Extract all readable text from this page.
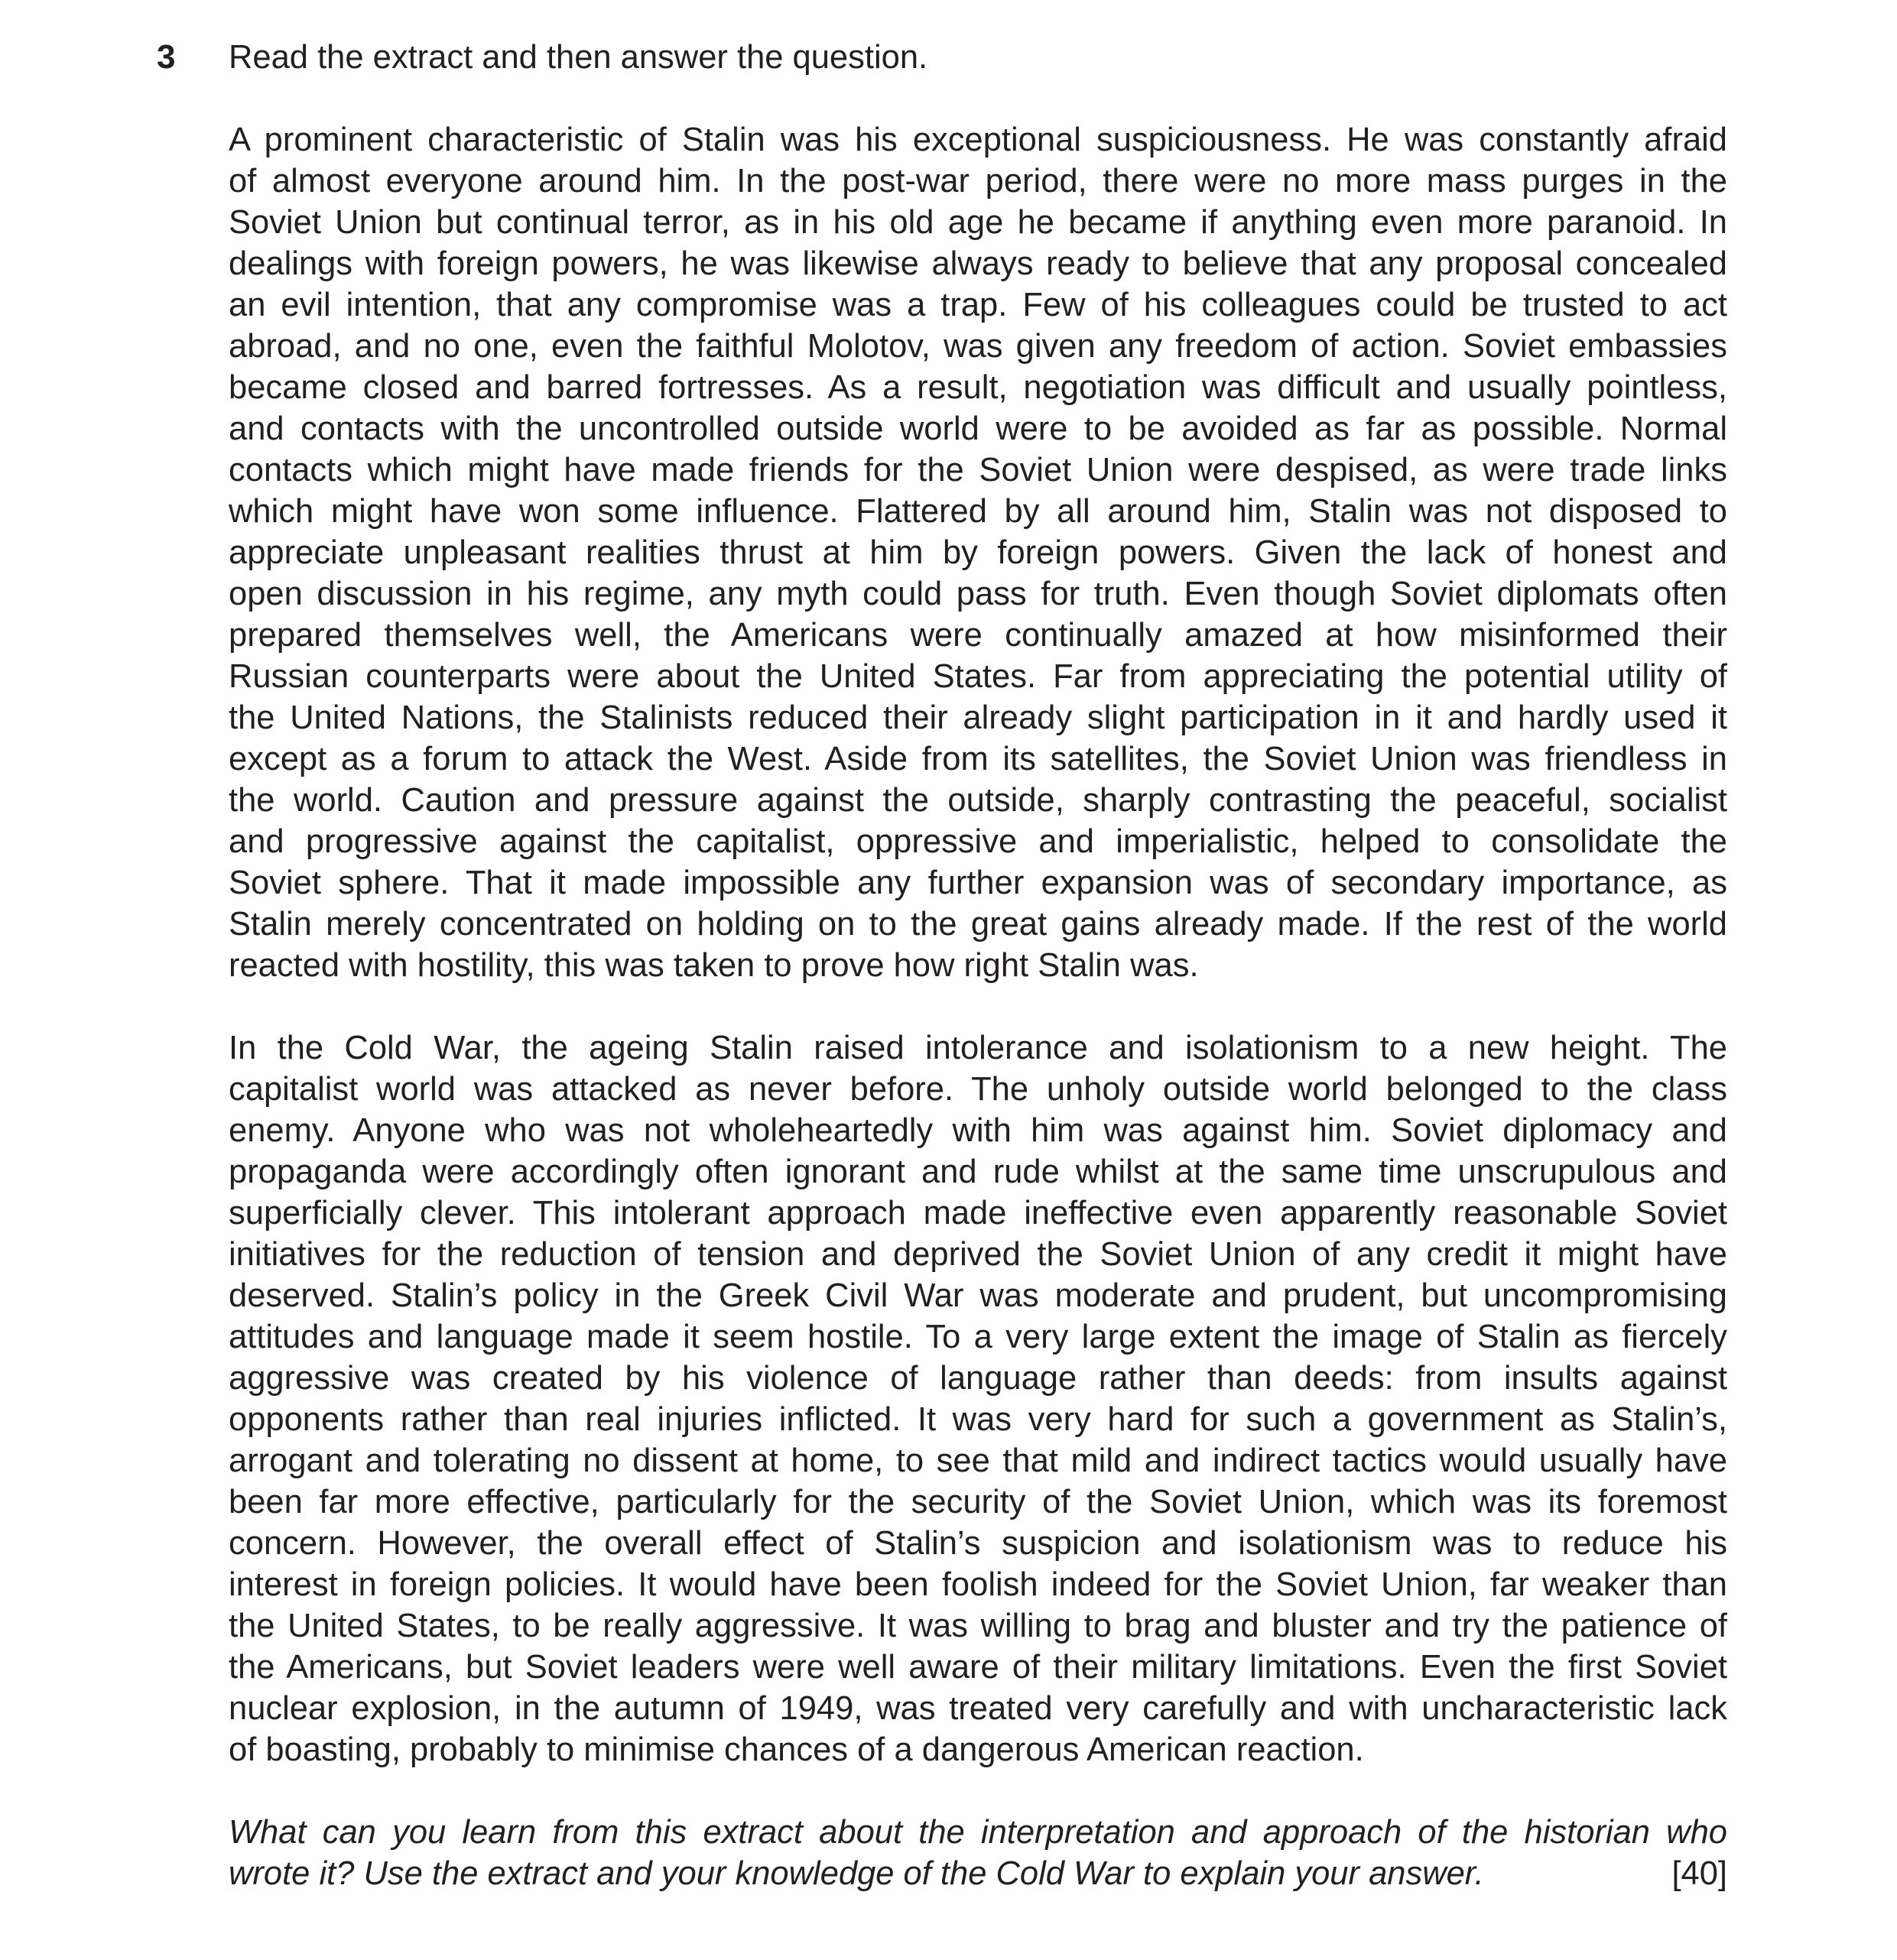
3 Read the extract and then answer the question.

A prominent characteristic of Stalin was his exceptional suspiciousness. He was constantly afraid
of almost everyone around him. In the post-war period, there were no more mass purges in the
Soviet Union but continual terror, as in his old age he became if anything even more paranoid. In
dealings with foreign powers, he was likewise always ready to believe that any proposal concealed
an evil intention, that any compromise was a trap. Few of his colleagues could be trusted to act
abroad, and no one, even the faithful Molotov, was given any freedom of action. Soviet embassies
became closed and barred fortresses. As a result, negotiation was difficult and usually pointless,
and contacts with the uncontrolled outside world were to be avoided as far as possible. Normal
contacts which might have made friends for the Soviet Union were despised, as were trade links
which might have won some influence. Flattered by all around him, Stalin was not disposed to
appreciate unpleasant realities thrust at him by foreign powers. Given the lack of honest and
open discussion in his regime, any myth could pass for truth. Even though Soviet diplomats often
prepared themselves well, the Americans were continually amazed at how misinformed their
Russian counterparts were about the United States. Far from appreciating the potential utility of
the United Nations, the Stalinists reduced their already slight participation in it and hardly used it
except as a forum to attack the West. Aside from its satellites, the Soviet Union was friendless in
the world. Caution and pressure against the outside, sharply contrasting the peaceful, socialist
and progressive against the capitalist, oppressive and imperialistic, helped to consolidate the
Soviet sphere. That it made impossible any further expansion was of secondary importance, as
Stalin merely concentrated on holding on to the great gains already made. If the rest of the world
reacted with hostility, this was taken to prove how right Stalin was.

In the Cold War, the ageing Stalin raised intolerance and isolationism to a new height. The
capitalist world was attacked as never before. The unholy outside world belonged to the class
enemy. Anyone who was not wholeheartedly with him was against him. Soviet diplomacy and
propaganda were accordingly often ignorant and rude whilst at the same time unscrupulous and
superficially clever. This intolerant approach made ineffective even apparently reasonable Soviet
initiatives for the reduction of tension and deprived the Soviet Union of any credit it might have
deserved. Stalin’s policy in the Greek Civil War was moderate and prudent, but uncompromising
attitudes and language made it seem hostile. To a very large extent the image of Stalin as fiercely
aggressive was created by his violence of language rather than deeds: from insults against
opponents rather than real injuries inflicted. It was very hard for such a government as Stalin’s,
arrogant and tolerating no dissent at home, to see that mild and indirect tactics would usually have
been far more effective, particularly for the security of the Soviet Union, which was its foremost
concern. However, the overall effect of Stalin’s suspicion and isolationism was to reduce his
interest in foreign policies. It would have been foolish indeed for the Soviet Union, far weaker than
the United States, to be really aggressive. It was willing to brag and bluster and try the patience of
the Americans, but Soviet leaders were well aware of their military limitations. Even the first Soviet
nuclear explosion, in the autumn of 1949, was treated very carefully and with uncharacteristic lack
of boasting, probably to minimise chances of a dangerous American reaction.

What can you learn from this extract about the interpretation and approach of the historian who
wrote it? Use the extract and your knowledge of the Cold War to explain your answer.	[40]
